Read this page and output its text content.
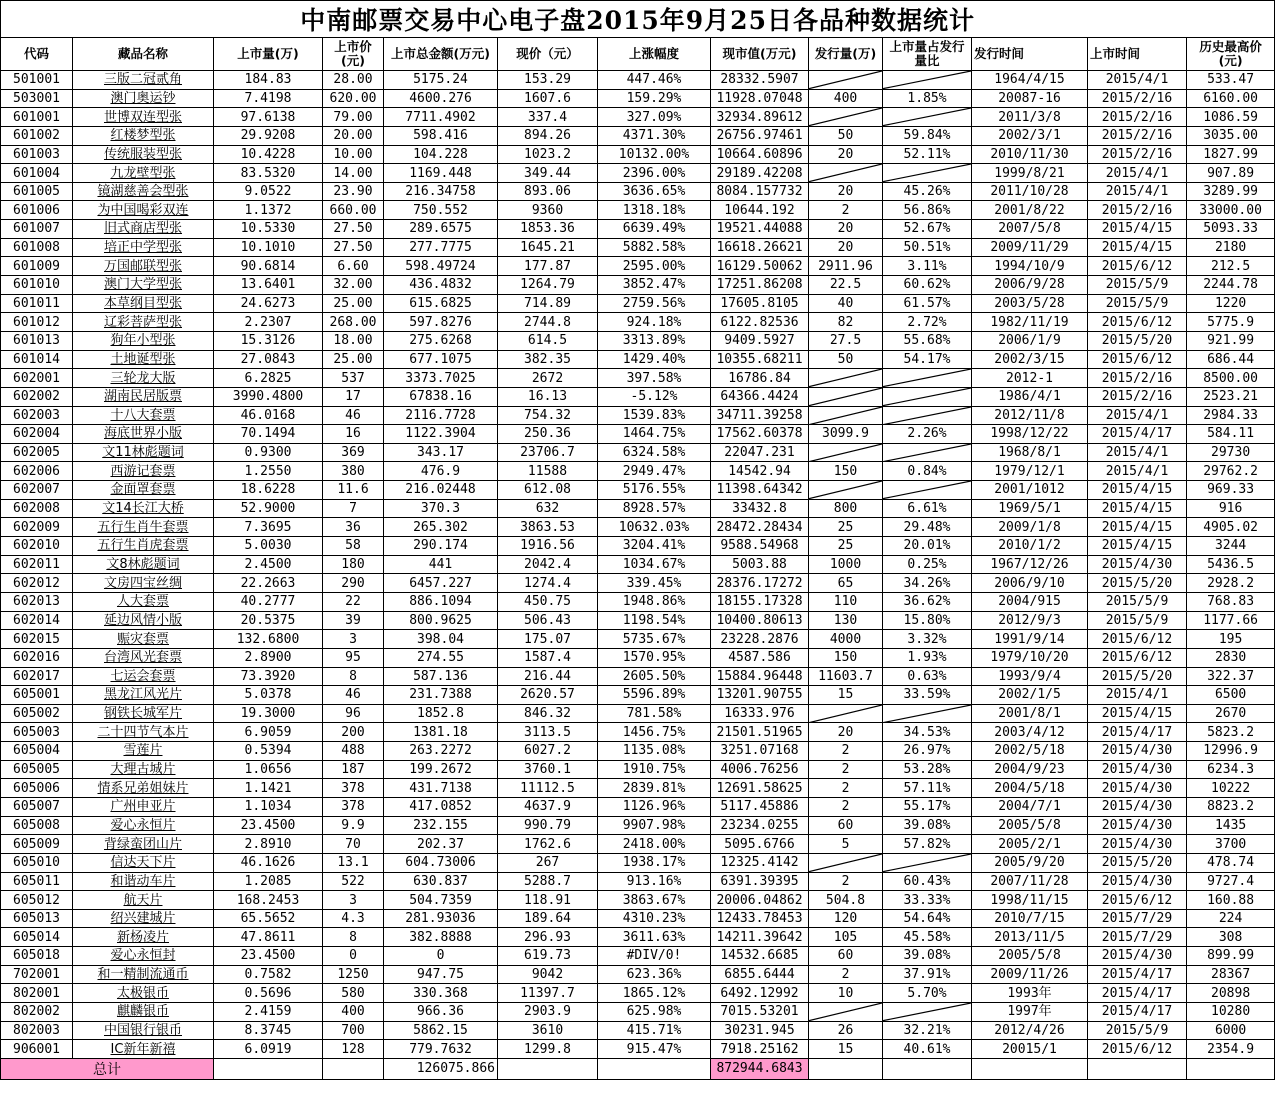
中南邮票交易中心电子盘2015年9月25日各品种数据统计												
代码	藏品名称	上市量(万)	上市价(元)	上市总金额(万元)	现价（元）	上涨幅度	现市值(万元)	发行量(万)	上市量占发行量比	发行时间	上市时间	历史最高价(元)
501001	三版二冠贰角	184.83	28.00	5175.24	153.29	447.46%	28332.5907			1964/4/15	2015/4/1	533.47
503001	澳门奥运钞	7.4198	620.00	4600.276	1607.6	159.29%	11928.07048	400	1.85%	20087-16	2015/2/16	6160.00
601001	世博双连型张	97.6138	79.00	7711.4902	337.4	327.09%	32934.89612			2011/3/8	2015/2/16	1086.59
601002	红楼梦型张	29.9208	20.00	598.416	894.26	4371.30%	26756.97461	50	59.84%	2002/3/1	2015/2/16	3035.00
601003	传统服装型张	10.4228	10.00	104.228	1023.2	10132.00%	10664.60896	20	52.11%	2010/11/30	2015/2/16	1827.99
601004	九龙壁型张	83.5320	14.00	1169.448	349.44	2396.00%	29189.42208			1999/8/21	2015/4/1	907.89
601005	镜湖慈善会型张	9.0522	23.90	216.34758	893.06	3636.65%	8084.157732	20	45.26%	2011/10/28	2015/4/1	3289.99
601006	为中国喝彩双连	1.1372	660.00	750.552	9360	1318.18%	10644.192	2	56.86%	2001/8/22	2015/2/16	33000.00
601007	旧式商店型张	10.5330	27.50	289.6575	1853.36	6639.49%	19521.44088	20	52.67%	2007/5/8	2015/4/15	5093.33
601008	培正中学型张	10.1010	27.50	277.7775	1645.21	5882.58%	16618.26621	20	50.51%	2009/11/29	2015/4/15	2180
601009	万国邮联型张	90.6814	6.60	598.49724	177.87	2595.00%	16129.50062	2911.96	3.11%	1994/10/9	2015/6/12	212.5
601010	澳门大学型张	13.6401	32.00	436.4832	1264.79	3852.47%	17251.86208	22.5	60.62%	2006/9/28	2015/5/9	2244.78
601011	本草纲目型张	24.6273	25.00	615.6825	714.89	2759.56%	17605.8105	40	61.57%	2003/5/28	2015/5/9	1220
601012	辽彩菩萨型张	2.2307	268.00	597.8276	2744.8	924.18%	6122.82536	82	2.72%	1982/11/19	2015/6/12	5775.9
601013	狗年小型张	15.3126	18.00	275.6268	614.5	3313.89%	9409.5927	27.5	55.68%	2006/1/9	2015/5/20	921.99
601014	土地诞型张	27.0843	25.00	677.1075	382.35	1429.40%	10355.68211	50	54.17%	2002/3/15	2015/6/12	686.44
602001	三轮龙大版	6.2825	537	3373.7025	2672	397.58%	16786.84			2012-1	2015/2/16	8500.00
602002	湖南民居版票	3990.4800	17	67838.16	16.13	-5.12%	64366.4424			1986/4/1	2015/2/16	2523.21
602003	十八大套票	46.0168	46	2116.7728	754.32	1539.83%	34711.39258			2012/11/8	2015/4/1	2984.33
602004	海底世界小版	70.1494	16	1122.3904	250.36	1464.75%	17562.60378	3099.9	2.26%	1998/12/22	2015/4/17	584.11
602005	文11林彪题词	0.9300	369	343.17	23706.7	6324.58%	22047.231			1968/8/1	2015/4/1	29730
602006	西游记套票	1.2550	380	476.9	11588	2949.47%	14542.94	150	0.84%	1979/12/1	2015/4/1	29762.2
602007	金面罩套票	18.6228	11.6	216.02448	612.08	5176.55%	11398.64342			2001/1012	2015/4/15	969.33
602008	文14长江大桥	52.9000	7	370.3	632	8928.57%	33432.8	800	6.61%	1969/5/1	2015/4/15	916
602009	五行生肖牛套票	7.3695	36	265.302	3863.53	10632.03%	28472.28434	25	29.48%	2009/1/8	2015/4/15	4905.02
602010	五行生肖虎套票	5.0030	58	290.174	1916.56	3204.41%	9588.54968	25	20.01%	2010/1/2	2015/4/15	3244
602011	文8林彪题词	2.4500	180	441	2042.4	1034.67%	5003.88	1000	0.25%	1967/12/26	2015/4/30	5436.5
602012	文房四宝丝绸	22.2663	290	6457.227	1274.4	339.45%	28376.17272	65	34.26%	2006/9/10	2015/5/20	2928.2
602013	人大套票	40.2777	22	886.1094	450.75	1948.86%	18155.17328	110	36.62%	2004/915	2015/5/9	768.83
602014	延边风情小版	20.5375	39	800.9625	506.43	1198.54%	10400.80613	130	15.80%	2012/9/3	2015/5/9	1177.66
602015	赈灾套票	132.6800	3	398.04	175.07	5735.67%	23228.2876	4000	3.32%	1991/9/14	2015/6/12	195
602016	台湾风光套票	2.8900	95	274.55	1587.4	1570.95%	4587.586	150	1.93%	1979/10/20	2015/6/12	2830
602017	七运会套票	73.3920	8	587.136	216.44	2605.50%	15884.96448	11603.7	0.63%	1993/9/4	2015/5/20	322.37
605001	黑龙江风光片	5.0378	46	231.7388	2620.57	5596.89%	13201.90755	15	33.59%	2002/1/5	2015/4/1	6500
605002	钢铁长城军片	19.3000	96	1852.8	846.32	781.58%	16333.976			2001/8/1	2015/4/15	2670
605003	二十四节气本片	6.9059	200	1381.18	3113.5	1456.75%	21501.51965	20	34.53%	2003/4/12	2015/4/17	5823.2
605004	雪莲片	0.5394	488	263.2272	6027.2	1135.08%	3251.07168	2	26.97%	2002/5/18	2015/4/30	12996.9
605005	大理古城片	1.0656	187	199.2672	3760.1	1910.75%	4006.76256	2	53.28%	2004/9/23	2015/4/30	6234.3
605006	情系兄弟姐妹片	1.1421	378	431.7138	11112.5	2839.81%	12691.58625	2	57.11%	2004/5/18	2015/4/30	10222
605007	广州申亚片	1.1034	378	417.0852	4637.9	1126.96%	5117.45886	2	55.17%	2004/7/1	2015/4/30	8823.2
605008	爱心永恒片	23.4500	9.9	232.155	990.79	9907.98%	23234.0255	60	39.08%	2005/5/8	2015/4/30	1435
605009	背绿蛮团山片	2.8910	70	202.37	1762.6	2418.00%	5095.6766	5	57.82%	2005/2/1	2015/4/30	3700
605010	信达天下片	46.1626	13.1	604.73006	267	1938.17%	12325.4142			2005/9/20	2015/5/20	478.74
605011	和谐动车片	1.2085	522	630.837	5288.7	913.16%	6391.39395	2	60.43%	2007/11/28	2015/4/30	9727.4
605012	航天片	168.2453	3	504.7359	118.91	3863.67%	20006.04862	504.8	33.33%	1998/11/15	2015/6/12	160.88
605013	绍兴建城片	65.5652	4.3	281.93036	189.64	4310.23%	12433.78453	120	54.64%	2010/7/15	2015/7/29	224
605014	新杨凌片	47.8611	8	382.8888	296.93	3611.63%	14211.39642	105	45.58%	2013/11/5	2015/7/29	308
605018	爱心永恒封	23.4500	0	0	619.73	#DIV/0!	14532.6685	60	39.08%	2005/5/8	2015/4/30	899.99
702001	和一精制流通币	0.7582	1250	947.75	9042	623.36%	6855.6444	2	37.91%	2009/11/26	2015/4/17	28367
802001	太极银币	0.5696	580	330.368	11397.7	1865.12%	6492.12992	10	5.70%	1993年	2015/4/17	20898
802002	麒麟银币	2.4159	400	966.36	2903.9	625.98%	7015.53201			1997年	2015/4/17	10280
802003	中国银行银币	8.3745	700	5862.15	3610	415.71%	30231.945	26	32.21%	2012/4/26	2015/5/9	6000
906001	IC新年新禧	6.0919	128	779.7632	1299.8	915.47%	7918.25162	15	40.61%	20015/1	2015/6/12	2354.9
总计				126075.866			872944.6843					
